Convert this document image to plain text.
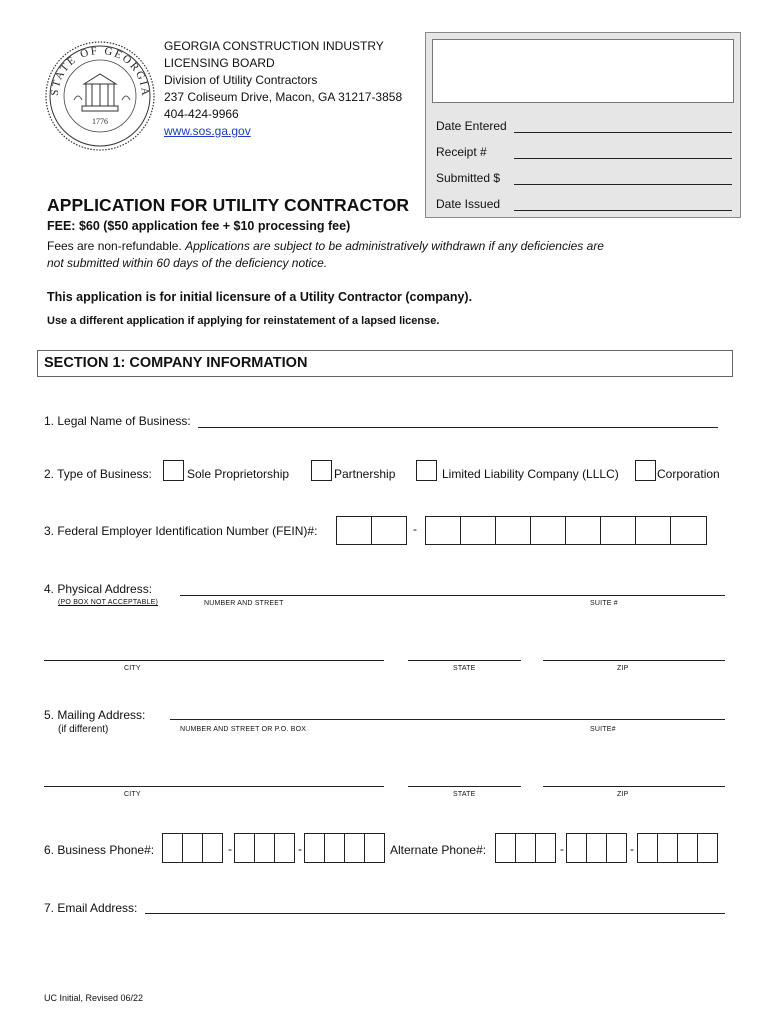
STATE OF GEORGIA
1776
GEORGIA CONSTRUCTION INDUSTRY
LICENSING BOARD
Division of Utility Contractors
237 Coliseum Drive, Macon, GA 31217-3858
404-424-9966
www.sos.ga.gov	Date Entered
Receipt #
Submitted $
Date Issued
APPLICATION FOR UTILITY CONTRACTOR
FEE: $60 ($50 application fee + $10 processing fee)
Fees are non-refundable. Applications are subject to be administratively withdrawn if any deficiencies are not submitted within 60 days of the deficiency notice.
This application is for initial licensure of a Utility Contractor (company).
Use a different application if applying for reinstatement of a lapsed license.
SECTION 1: COMPANY INFORMATION
1. Legal Name of Business:
2. Type of Business:	Sole Proprietorship	Partnership	Limited Liability Company (LLLC)	Corporation
3. Federal Employer Identification Number (FEIN)#:	-
4. Physical Address:
(PO BOX NOT ACCEPTABLE)	NUMBER AND STREET	SUITE #
CITY	STATE	ZIP
5. Mailing Address:
(if different)	NUMBER AND STREET OR P.O. BOX	SUITE#
CITY	STATE	ZIP
6. Business Phone#:	-	-	Alternate Phone#:	-	-
7. Email Address:
UC Initial, Revised 06/22
